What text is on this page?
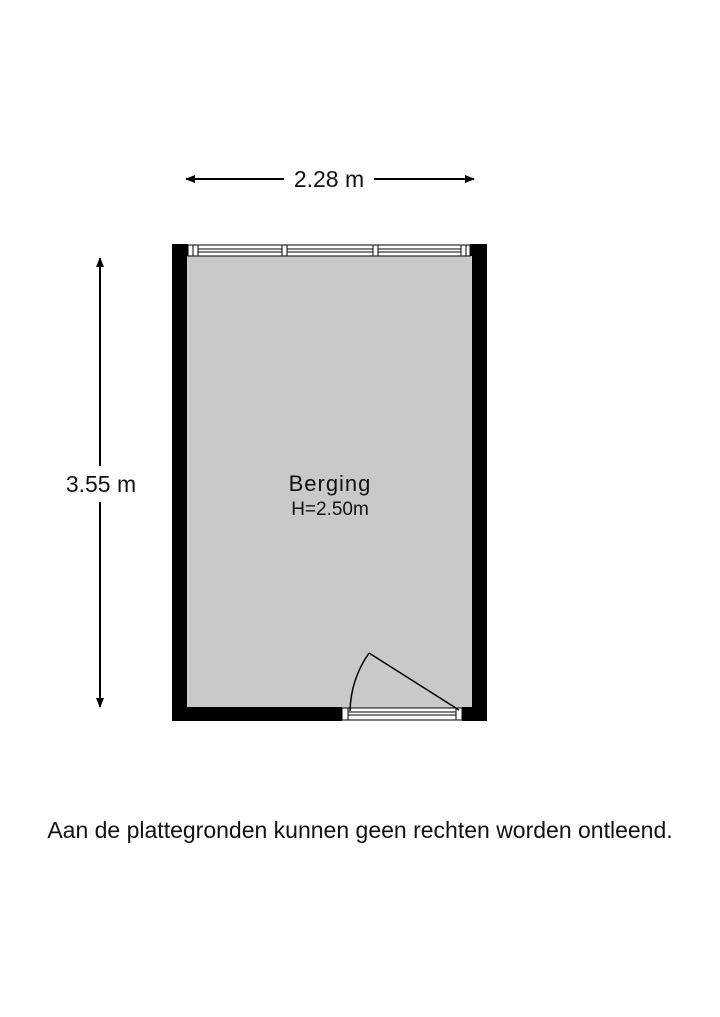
2.28 m
3.55 m	Berging
H=2.50m
Aan de plattegronden kunnen geen rechten worden ontleend.
